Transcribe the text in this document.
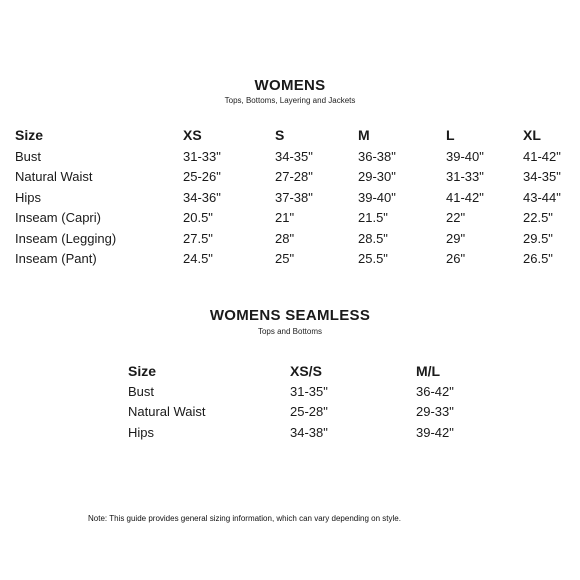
WOMENS
Tops, Bottoms, Layering and Jackets
Size	XS	S	M	L	XL
Bust	31-33"	34-35"	36-38"	39-40"	41-42"
Natural Waist	25-26"	27-28"	29-30"	31-33"	34-35"
Hips	34-36"	37-38"	39-40"	41-42"	43-44"
Inseam (Capri)	20.5"	21"	21.5"	22"	22.5"
Inseam (Legging)	27.5"	28"	28.5"	29"	29.5"
Inseam (Pant)	24.5"	25"	25.5"	26"	26.5"
WOMENS SEAMLESS
Tops and Bottoms
Size	XS/S	M/L
Bust	31-35"	36-42"
Natural Waist	25-28"	29-33"
Hips	34-38"	39-42"
Note: This guide provides general sizing information, which can vary depending on style.
